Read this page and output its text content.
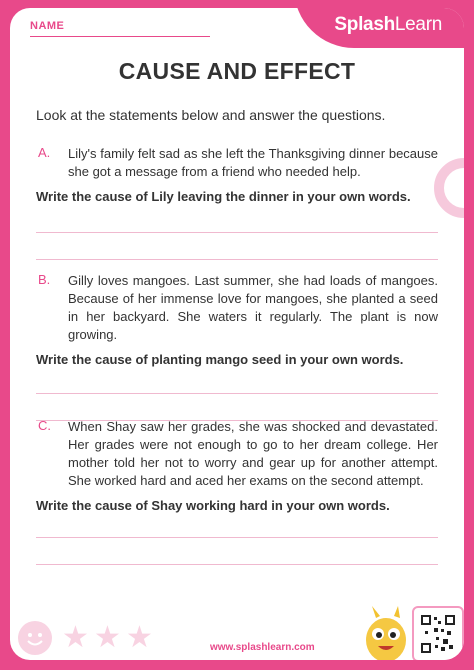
NAME	SplashLearn
CAUSE AND EFFECT
Look at the statements below and answer the questions.
A.	Lily's family felt sad as she left the Thanksgiving dinner because she got a message from a friend who needed help.
Write the cause of Lily leaving the dinner in your own words.
B.	Gilly loves mangoes. Last summer, she had loads of mangoes. Because of her immense love for mangoes, she planted a seed in her backyard. She waters it regularly. The plant is now growing.
Write the cause of planting mango seed in your own words.
C.	When Shay saw her grades, she was shocked and devastated. Her grades were not enough to go to her dream college. Her mother told her not to worry and gear up for another attempt. She worked hard and aced her exams on the second attempt.
Write the cause of Shay working hard in your own words.
★ ★ ★	www.splashlearn.com
